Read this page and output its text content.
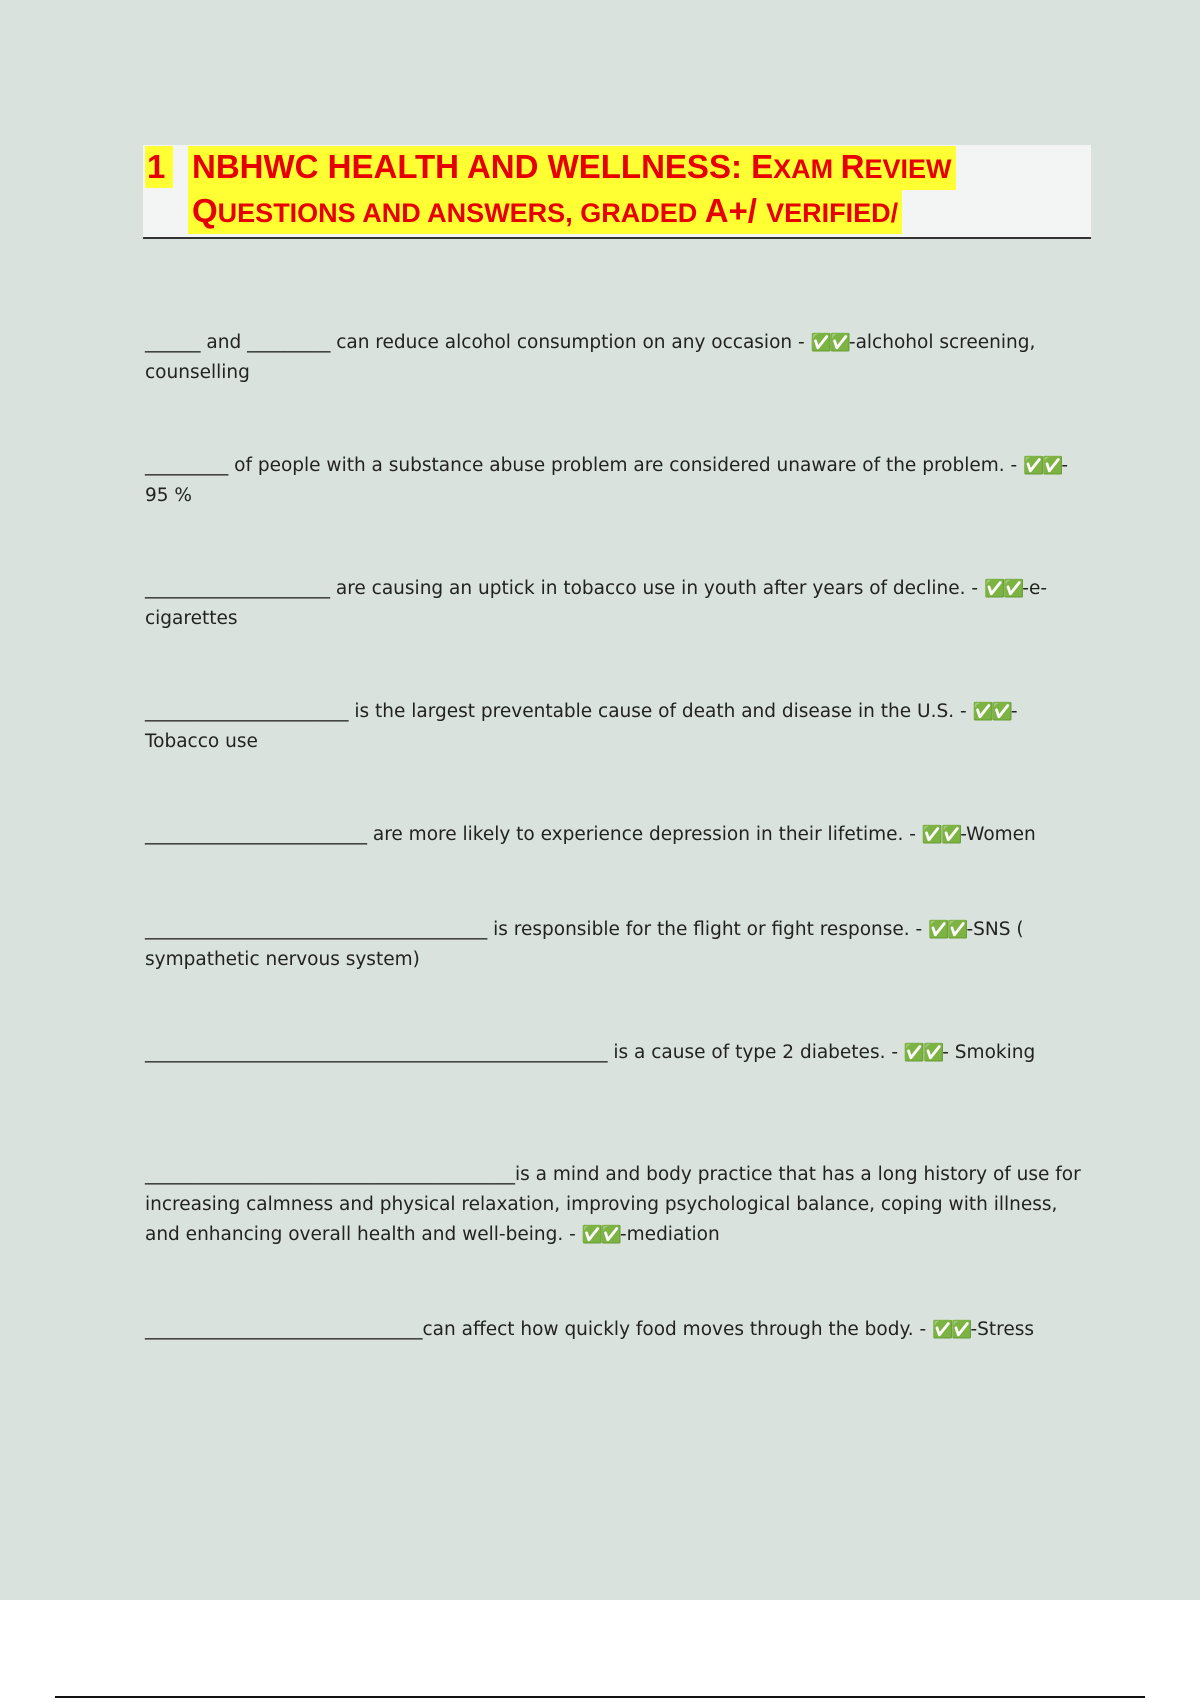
1 NBHWC HEALTH AND WELLNESS: EXAM REVIEW
QUESTIONS AND ANSWERS, GRADED A+/ VERIFIED/
______ and _________ can reduce alcohol consumption on any occasion - ✅✅-alchohol screening, counselling
_________ of people with a substance abuse problem are considered unaware of the problem. - ✅✅- 95 %
____________________ are causing an uptick in tobacco use in youth after years of decline. - ✅✅-e-cigarettes
______________________ is the largest preventable cause of death and disease in the U.S. - ✅✅- Tobacco use
________________________ are more likely to experience depression in their lifetime. - ✅✅-Women
_____________________________________ is responsible for the flight or fight response. - ✅✅-SNS ( sympathetic nervous system)
__________________________________________________ is a cause of type 2 diabetes. - ✅✅- Smoking
________________________________________is a mind and body practice that has a long history of use for increasing calmness and physical relaxation, improving psychological balance, coping with illness, and enhancing overall health and well-being. - ✅✅-mediation
______________________________can affect how quickly food moves through the body. - ✅✅-Stress
